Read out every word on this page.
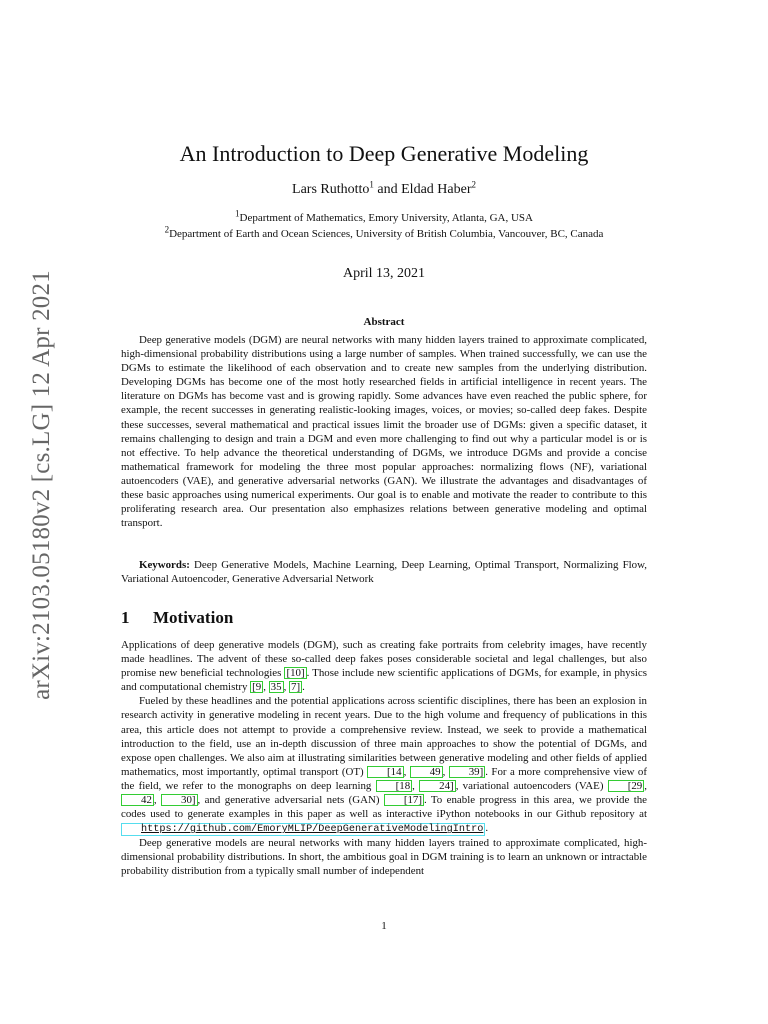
arXiv:2103.05180v2 [cs.LG] 12 Apr 2021
An Introduction to Deep Generative Modeling
Lars Ruthotto$^1$ and Eldad Haber$^2$
$^1$Department of Mathematics, Emory University, Atlanta, GA, USA
$^2$Department of Earth and Ocean Sciences, University of British Columbia, Vancouver, BC, Canada
April 13, 2021
Abstract

Deep generative models (DGM) are neural networks with many hidden layers trained to approximate complicated, high-dimensional probability distributions using a large number of samples. When trained successfully, we can use the DGMs to estimate the likelihood of each observation and to create new samples from the underlying distribution. Developing DGMs has become one of the most hotly researched fields in artificial intelligence in recent years. The literature on DGMs has become vast and is growing rapidly. Some advances have even reached the public sphere, for example, the recent successes in generating realistic-looking images, voices, or movies; so-called deep fakes. Despite these successes, several mathematical and practical issues limit the broader use of DGMs: given a specific dataset, it remains challenging to design and train a DGM and even more challenging to find out why a particular model is or is not effective. To help advance the theoretical understanding of DGMs, we introduce DGMs and provide a concise mathematical framework for modeling the three most popular approaches: normalizing flows (NF), variational autoencoders (VAE), and generative adversarial networks (GAN). We illustrate the advantages and disadvantages of these basic approaches using numerical experiments. Our goal is to enable and motivate the reader to contribute to this proliferating research area. Our presentation also emphasizes relations between generative modeling and optimal transport.

Keywords: Deep Generative Models, Machine Learning, Deep Learning, Optimal Transport, Normalizing Flow, Variational Autoencoder, Generative Adversarial Network

1 Motivation

Applications of deep generative models (DGM), such as creating fake portraits from celebrity images, have recently made headlines. The advent of these so-called deep fakes poses considerable societal and legal challenges, but also promise new beneficial technologies [10] . Those include new scientific applications of DGMs, for example, in physics and computational chemistry [9 , 35 , 7] .

Fueled by these headlines and the potential applications across scientific disciplines, there has been an explosion in research activity in generative modeling in recent years. Due to the high volume and frequency of publications in this area, this article does not attempt to provide a comprehensive review. Instead, we seek to provide a mathematical introduction to the field, use an in-depth discussion of three main approaches to show the potential of DGMs, and expose open challenges. We also aim at illustrating similarities between generative modeling and other fields of applied mathematics, most importantly, optimal transport (OT) [14 , 49 , 39] . For a more comprehensive view of the field, we refer to the monographs on deep learning [18 , 24] , variational autoencoders (VAE) [29 , 42 , 30] , and generative adversarial nets (GAN) [17] . To enable progress in this area, we provide the codes used to generate examples in this paper as well as interactive iPython notebooks in our Github repository at https://github.com/EmoryMLIP/DeepGenerativeModelingIntro .

Deep generative models are neural networks with many hidden layers trained to approximate complicated, high-dimensional probability distributions. In short, the ambitious goal in DGM training is to learn an unknown or intractable probability distribution from a typically small number of independent

1
